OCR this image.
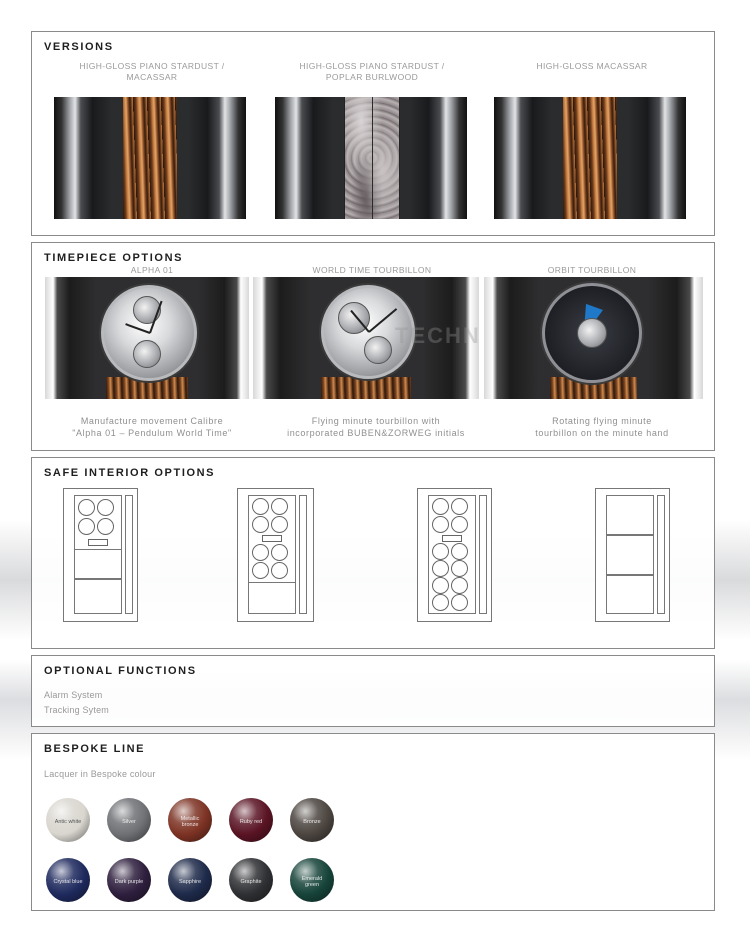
VERSIONS
HIGH-GLOSS PIANO STARDUST / MACASSAR
HIGH-GLOSS PIANO STARDUST / POPLAR BURLWOOD
HIGH-GLOSS MACASSAR
TIMEPIECE OPTIONS
ALPHA 01	WORLD TIME TOURBILLON	ORBIT TOURBILLON
Manufacture movement Calibre
"Alpha 01 – Pendulum World Time"
Flying minute tourbillon with
incorporated BUBEN&ZORWEG initials
Rotating flying minute
tourbillon on the minute hand
TECHN
SAFE INTERIOR OPTIONS
OPTIONAL FUNCTIONS
Alarm System
Tracking Sytem
BESPOKE LINE
Lacquer in Bespoke colour
Antic white	Silver	Metallic bronze	Ruby red	Bronze
Crystal blue	Dark purple	Sapphire	Graphite	Emerald green
